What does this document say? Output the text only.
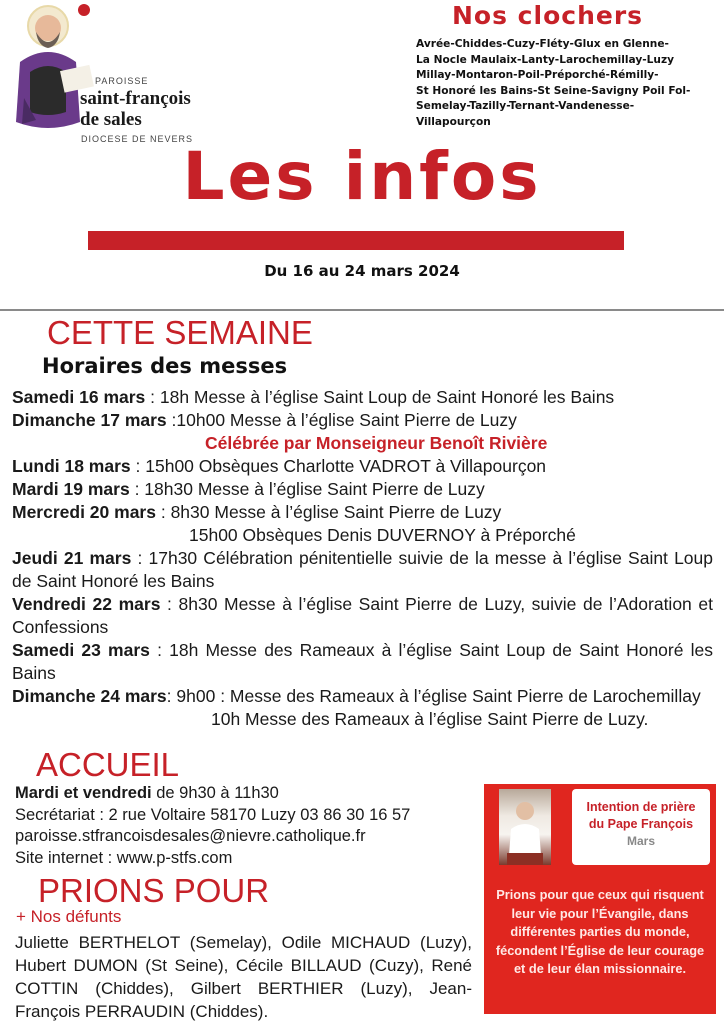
PAROISSE
saint-françois
de sales
DIOCESE DE NEVERS
Nos clochers
Avrée-Chiddes-Cuzy-Fléty-Glux en Glenne-
La Nocle Maulaix-Lanty-Larochemillay-Luzy
Millay-Montaron-Poil-Préporché-Rémilly-
St Honoré les Bains-St Seine-Savigny Poil Fol-
Semelay-Tazilly-Ternant-Vandenesse-
Villapourçon
Les infos
Du 16 au 24 mars 2024
CETTE SEMAINE
Horaires des messes
Samedi 16 mars : 18h Messe à l’église Saint Loup de Saint Honoré les Bains
Dimanche 17 mars :10h00 Messe à l’église Saint Pierre de Luzy
Célébrée par Monseigneur Benoît Rivière
Lundi 18 mars : 15h00 Obsèques Charlotte VADROT à Villapourçon
Mardi 19 mars : 18h30 Messe à l’église Saint Pierre de Luzy
Mercredi 20 mars : 8h30 Messe à l’église Saint Pierre de Luzy
15h00 Obsèques Denis DUVERNOY à Préporché
Jeudi 21 mars : 17h30 Célébration pénitentielle suivie de la messe à l’église Saint Loup de Saint Honoré les Bains
Vendredi 22 mars : 8h30 Messe à l’église Saint Pierre de Luzy, suivie de l’Adoration et Confessions
Samedi 23 mars : 18h Messe des Rameaux à l’église Saint Loup de Saint Honoré les Bains
Dimanche 24 mars: 9h00 : Messe des Rameaux à l’église Saint Pierre de Larochemillay
10h Messe des Rameaux à l’église Saint Pierre de Luzy.
ACCUEIL
Mardi et vendredi de 9h30 à 11h30
Secrétariat : 2 rue Voltaire 58170 Luzy 03 86 30 16 57
paroisse.stfrancoisdesales@nievre.catholique.fr
Site internet : www.p-stfs.com
PRIONS POUR
+ Nos défunts
Juliette BERTHELOT (Semelay), Odile MICHAUD (Luzy), Hubert DUMON (St Seine), Cécile BILLAUD (Cuzy), René COTTIN (Chiddes), Gilbert BERTHIER (Luzy), Jean-François PERRAUDIN (Chiddes).
Intention de prière
du Pape François
Mars
Prions pour que ceux qui risquent leur vie pour l’Évangile, dans différentes parties du monde, fécondent l’Église de leur courage et de leur élan missionnaire.
